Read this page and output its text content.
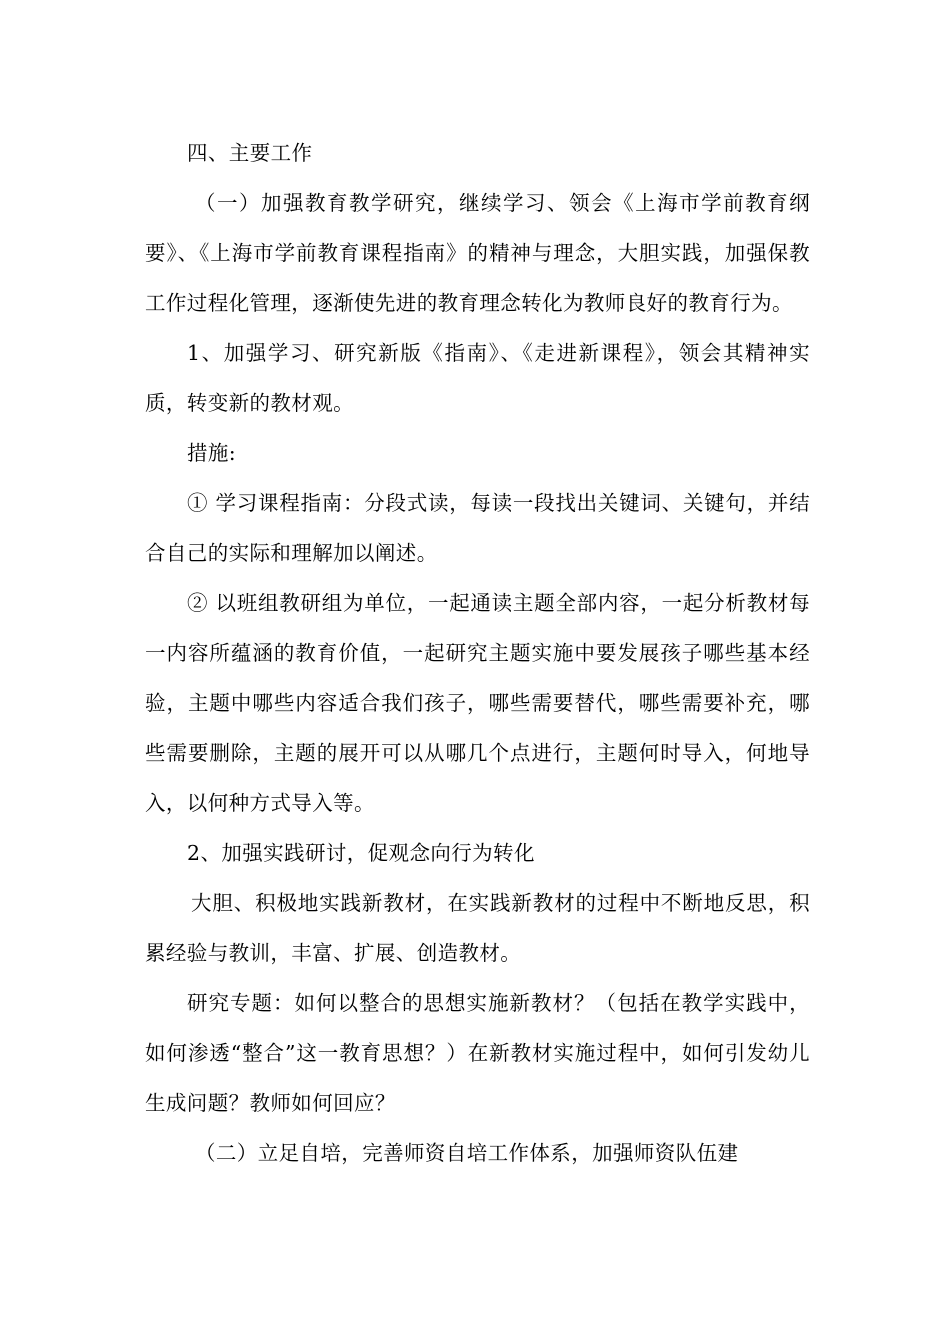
四、主要工作

（一）加强教育教学研究，继续学习、领会《上海市学前教育纲要》、《上海市学前教育课程指南》的精神与理念，大胆实践，加强保教工作过程化管理，逐渐使先进的教育理念转化为教师良好的教育行为。

1、加强学习、研究新版《指南》、《走进新课程》，领会其精神实质，转变新的教材观。

措施:

① 学习课程指南：分段式读，每读一段找出关键词、关键句，并结合自己的实际和理解加以阐述。

② 以班组教研组为单位，一起通读主题全部内容，一起分析教材每一内容所蕴涵的教育价值，一起研究主题实施中要发展孩子哪些基本经验，主题中哪些内容适合我们孩子，哪些需要替代，哪些需要补充，哪些需要删除，主题的展开可以从哪几个点进行，主题何时导入，何地导入，以何种方式导入等。

2、加强实践研讨，促观念向行为转化

大胆、积极地实践新教材，在实践新教材的过程中不断地反思，积累经验与教训，丰富、扩展、创造教材。

研究专题：如何以整合的思想实施新教材？（包括在教学实践中，如何渗透“整合”这一教育思想？）在新教材实施过程中，如何引发幼儿生成问题？教师如何回应？

（二）立足自培，完善师资自培工作体系，加强师资队伍建
